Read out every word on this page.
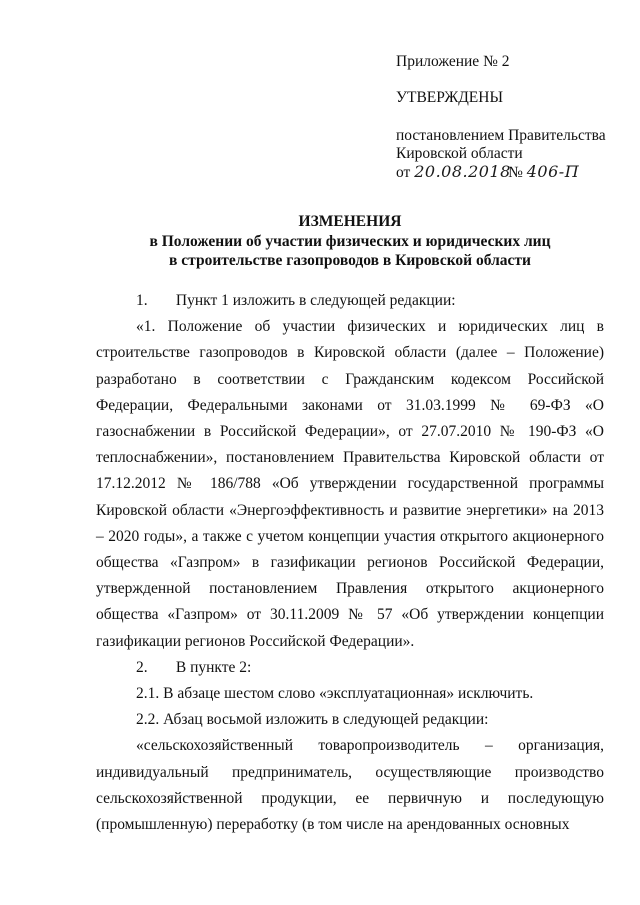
Приложение № 2
УТВЕРЖДЕНЫ
постановлением Правительства
Кировской области
от 20.08.2018 № 406-П
ИЗМЕНЕНИЯ
в Положении об участии физических и юридических лиц
в строительстве газопроводов в Кировской области

1. Пункт 1 изложить в следующей редакции:

«1. Положение об участии физических и юридических лиц в строительстве газопроводов в Кировской области (далее – Положение) разработано в соответствии с Гражданским кодексом Российской Федерации, Федеральными законами от 31.03.1999 № 69-ФЗ «О газоснабжении в Российской Федерации», от 27.07.2010 № 190-ФЗ «О теплоснабжении», постановлением Правительства Кировской области от 17.12.2012 № 186/788 «Об утверждении государственной программы Кировской области «Энергоэффективность и развитие энергетики» на 2013 – 2020 годы», а также с учетом концепции участия открытого акционерного общества «Газпром» в газификации регионов Российской Федерации, утвержденной постановлением Правления открытого акционерного общества «Газпром» от 30.11.2009 № 57 «Об утверждении концепции газификации регионов Российской Федерации».

2. В пункте 2:

2.1. В абзаце шестом слово «эксплуатационная» исключить.

2.2. Абзац восьмой изложить в следующей редакции:

«сельскохозяйственный товаропроизводитель – организация, индивидуальный предприниматель, осуществляющие производство сельскохозяйственной продукции, ее первичную и последующую (промышленную) переработку (в том числе на арендованных основных
